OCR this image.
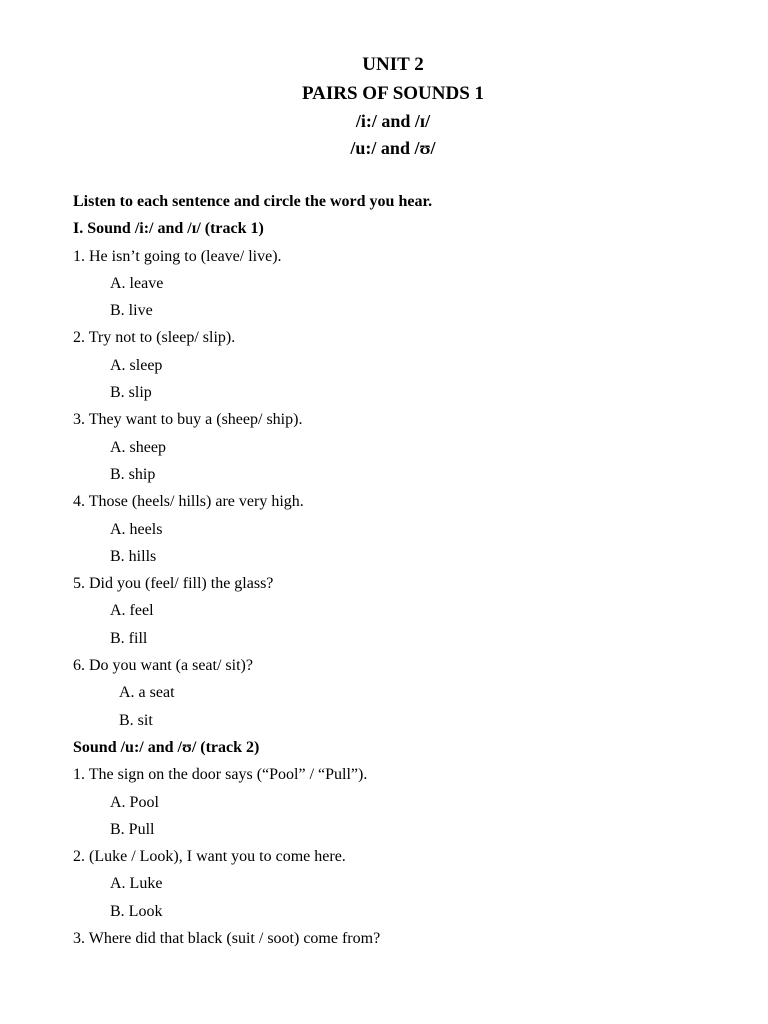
UNIT 2
PAIRS OF SOUNDS 1
/i:/ and /ɪ/
/u:/ and /ʊ/
Listen to each sentence and circle the word you hear.
I. Sound /i:/ and /ɪ/ (track 1)
1. He isn’t going to (leave/ live).
A. leave
B. live
2. Try not to (sleep/ slip).
A. sleep
B. slip
3. They want to buy a (sheep/ ship).
A. sheep
B. ship
4. Those (heels/ hills) are very high.
A. heels
B. hills
5. Did you (feel/ fill) the glass?
A. feel
B. fill
6. Do you want (a seat/ sit)?
A. a seat
B. sit
Sound /u:/ and /ʊ/ (track 2)
1. The sign on the door says (“Pool” / “Pull”).
A. Pool
B. Pull
2. (Luke / Look), I want you to come here.
A. Luke
B. Look
3. Where did that black (suit / soot) come from?
